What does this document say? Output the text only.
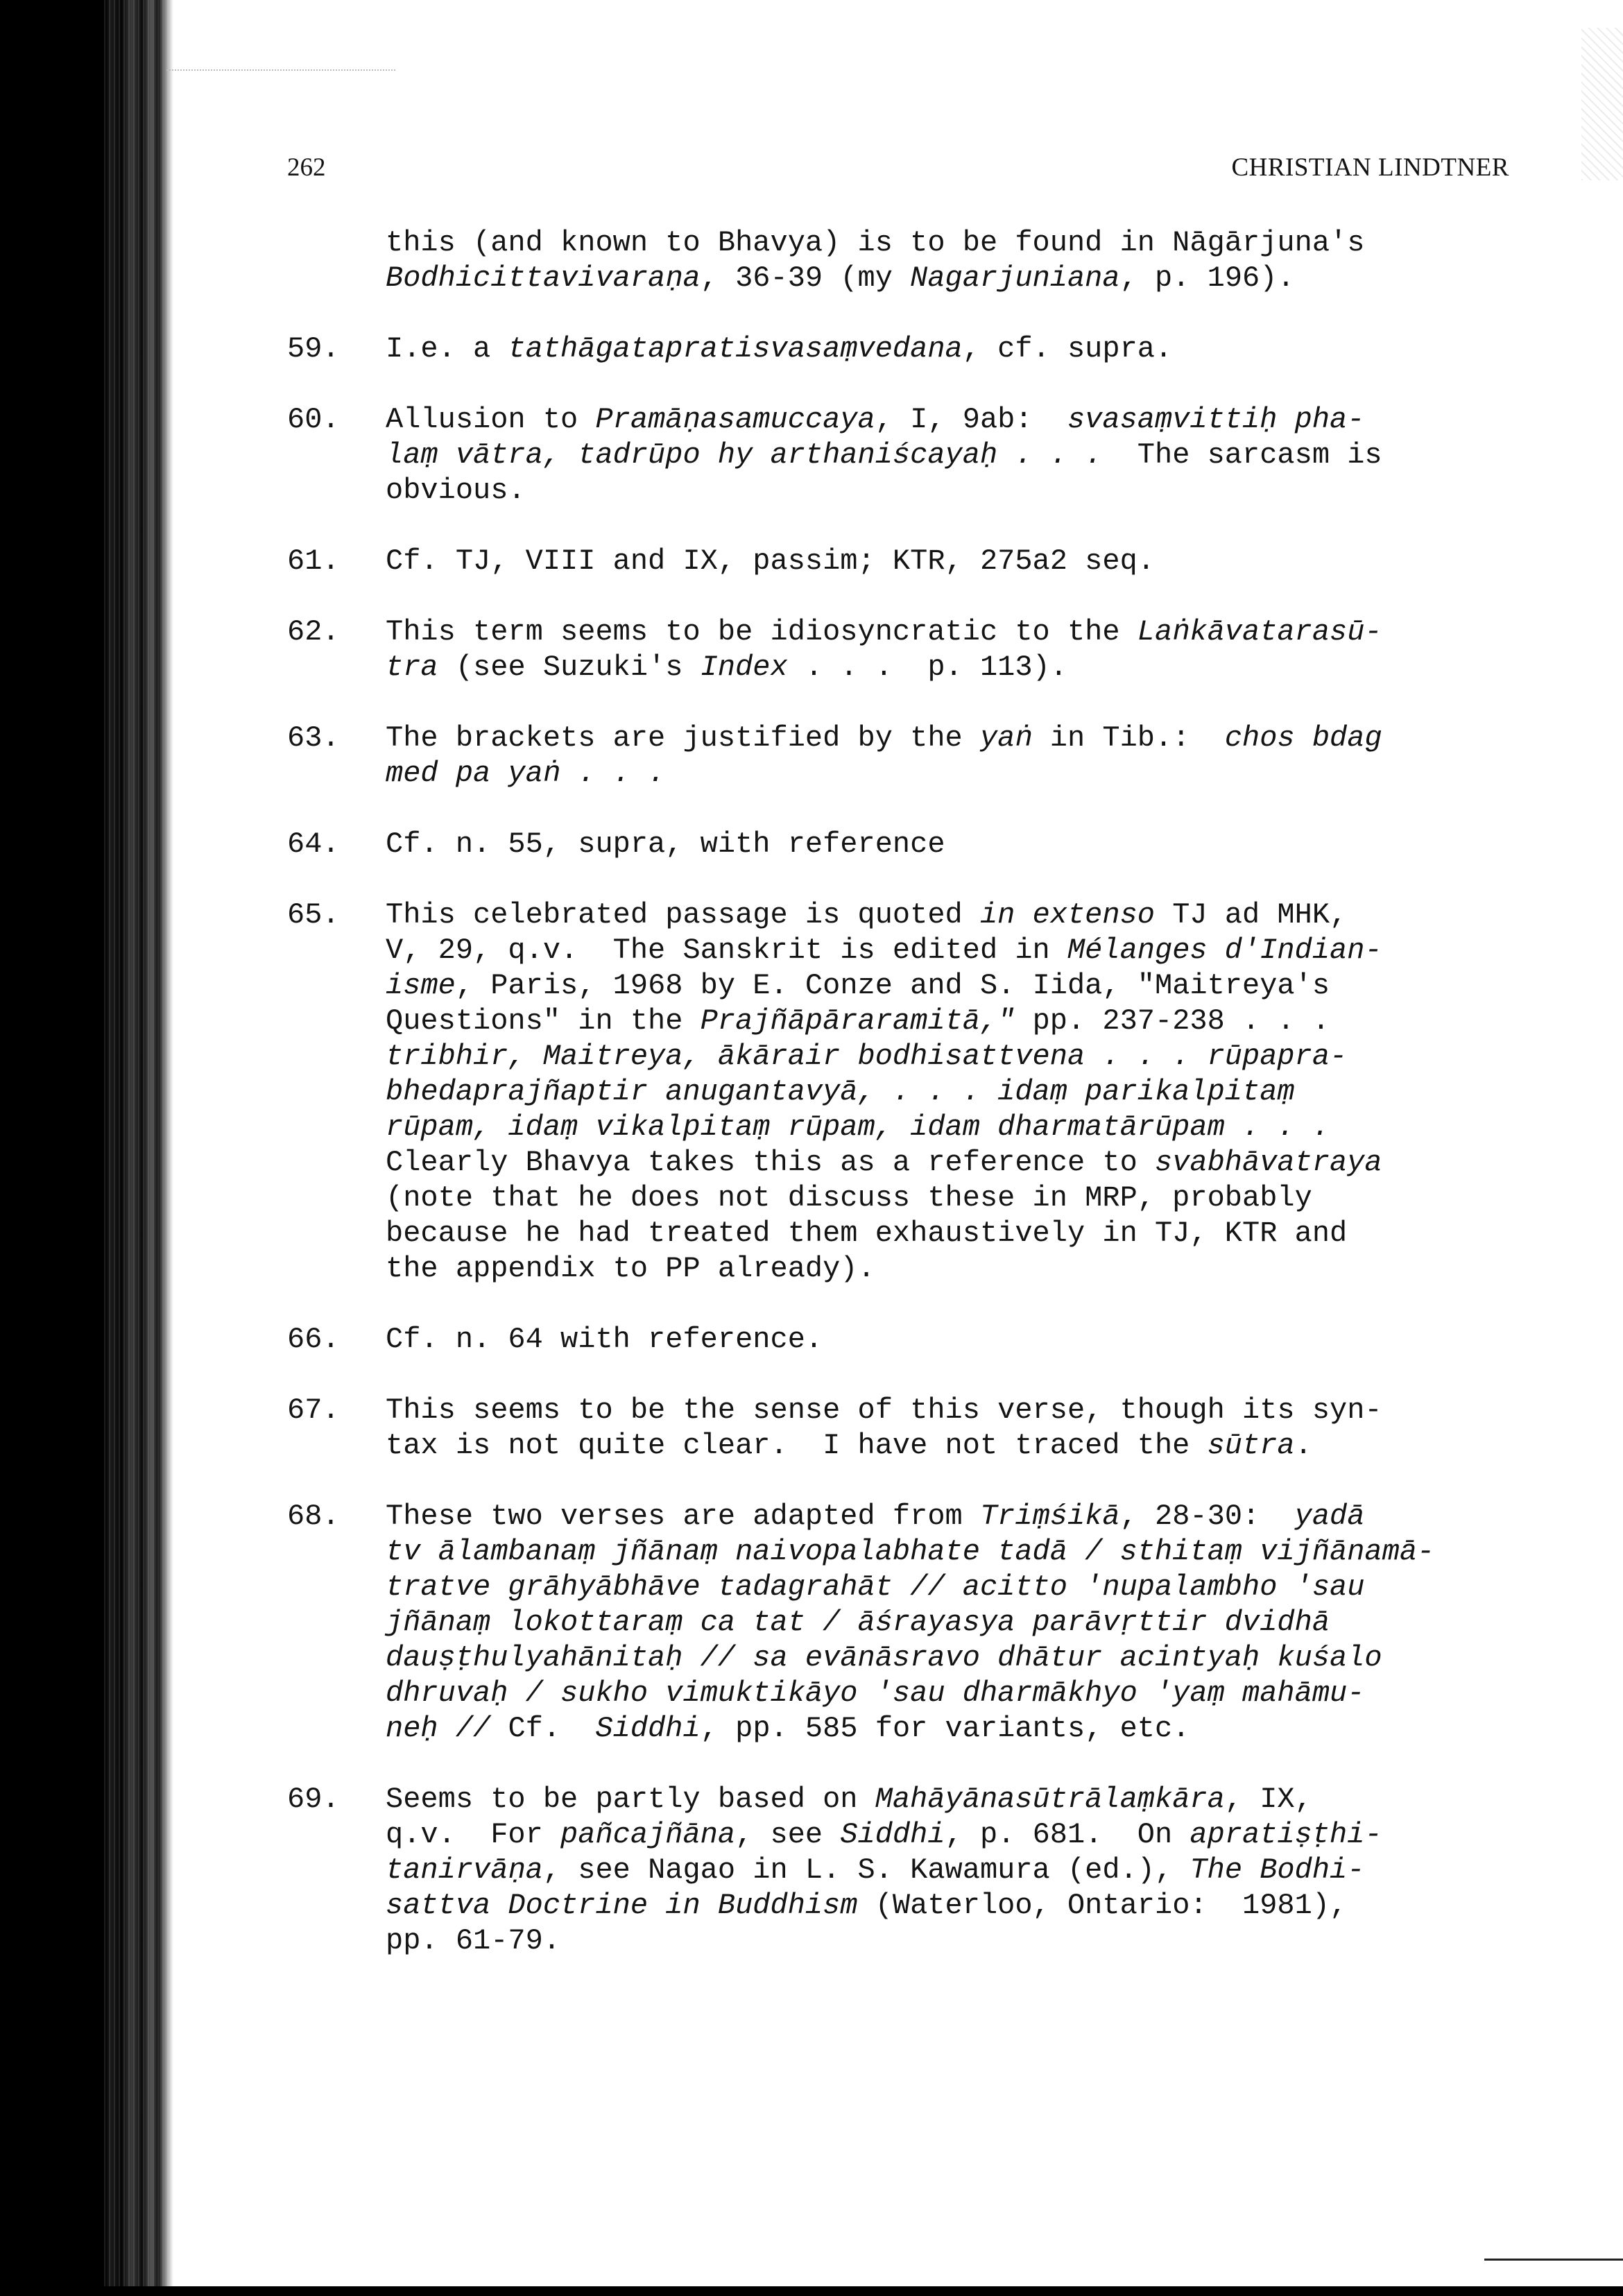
262	CHRISTIAN LINDTNER
this (and known to Bhavya) is to be found in Nāgārjuna's
Bodhicittavivaraṇa, 36-39 (my Nagarjuniana, p. 196).
59. I.e. a tathāgatapratisvasaṃvedana, cf. supra.
60. Allusion to Pramāṇasamuccaya, I, 9ab:  svasaṃvittiḥ pha-
laṃ vātra, tadrūpo hy arthaniścayaḥ . . .  The sarcasm is
obvious.
61. Cf. TJ, VIII and IX, passim; KTR, 275a2 seq.
62. This term seems to be idiosyncratic to the Laṅkāvatarasū-
tra (see Suzuki's Index . . .  p. 113).
63. The brackets are justified by the yaṅ in Tib.:  chos bdag
med pa yaṅ . . .
64. Cf. n. 55, supra, with reference
65. This celebrated passage is quoted in extenso TJ ad MHK,
V, 29, q.v.  The Sanskrit is edited in Mélanges d'Indian-
isme, Paris, 1968 by E. Conze and S. Iida, "Maitreya's
Questions" in the Prajñāpāraramitā," pp. 237-238 . . .
tribhir, Maitreya, ākārair bodhisattvena . . . rūpapra-
bhedaprajñaptir anugantavyā, . . . idaṃ parikalpitaṃ
rūpam, idaṃ vikalpitaṃ rūpam, idam dharmatārūpam . . .
Clearly Bhavya takes this as a reference to svabhāvatraya
(note that he does not discuss these in MRP, probably
because he had treated them exhaustively in TJ, KTR and
the appendix to PP already).
66. Cf. n. 64 with reference.
67. This seems to be the sense of this verse, though its syn-
tax is not quite clear.  I have not traced the sūtra.
68. These two verses are adapted from Triṃśikā, 28-30:  yadā
tv ālambanaṃ jñānaṃ naivopalabhate tadā / sthitaṃ vijñānamā-
tratve grāhyābhāve tadagrahāt // acitto 'nupalambho 'sau
jñānaṃ lokottaraṃ ca tat / āśrayasya parāvṛttir dvidhā
dauṣṭhulyahānitaḥ // sa evānāsravo dhātur acintyaḥ kuśalo
dhruvaḥ / sukho vimuktikāyo 'sau dharmākhyo 'yaṃ mahāmu-
neḥ // Cf.  Siddhi, pp. 585 for variants, etc.
69. Seems to be partly based on Mahāyānasūtrālaṃkāra, IX,
q.v.  For pañcajñāna, see Siddhi, p. 681.  On apratiṣṭhi-
tanirvāṇa, see Nagao in L. S. Kawamura (ed.), The Bodhi-
sattva Doctrine in Buddhism (Waterloo, Ontario:  1981),
pp. 61-79.
